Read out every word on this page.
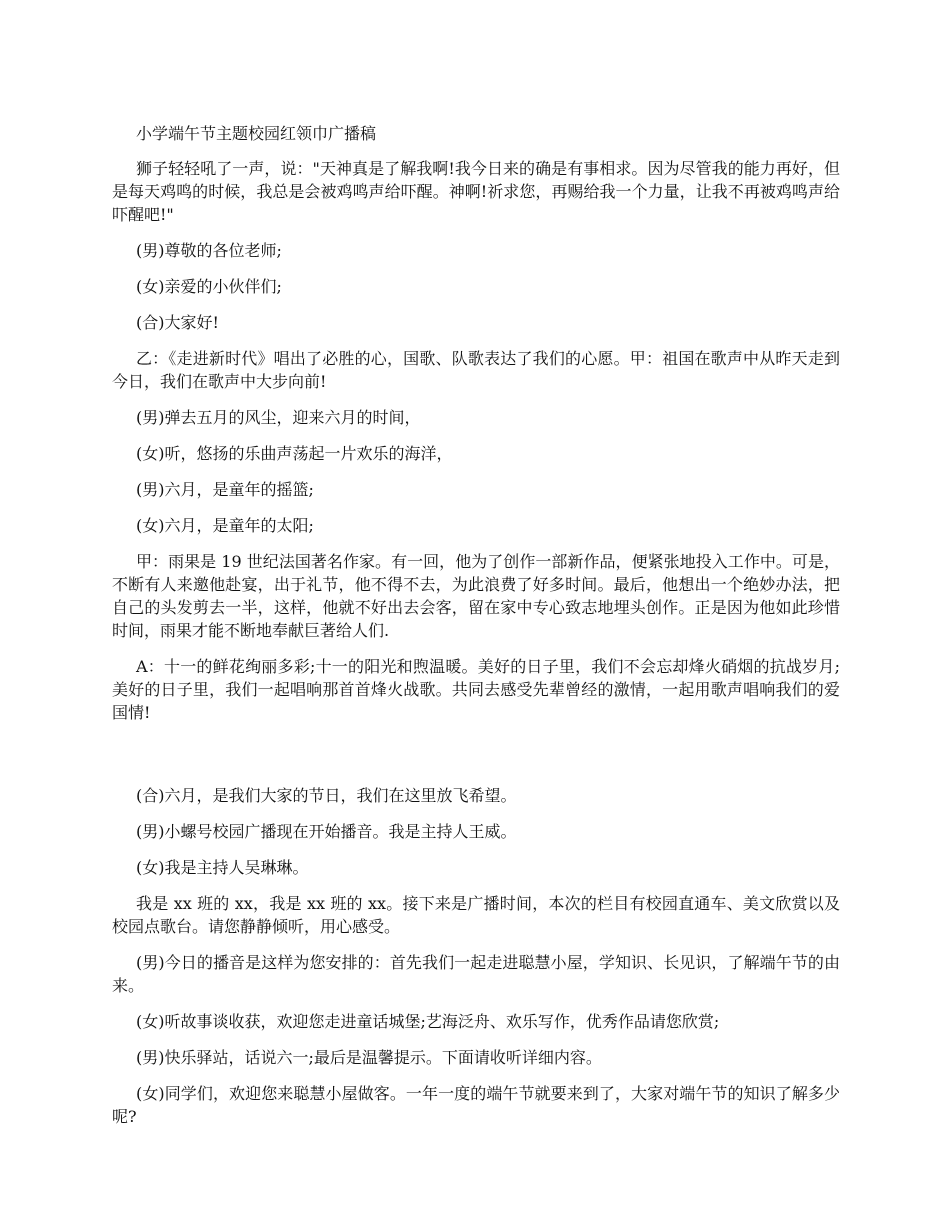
小学端午节主题校园红领巾广播稿

狮子轻轻吼了一声，说："天神真是了解我啊!我今日来的确是有事相求。因为尽管我的能力再好，但是每天鸡鸣的时候，我总是会被鸡鸣声给吓醒。神啊!祈求您，再赐给我一个力量，让我不再被鸡鸣声给吓醒吧!"

(男)尊敬的各位老师;

(女)亲爱的小伙伴们;

(合)大家好!

乙：《走进新时代》唱出了必胜的心，国歌、队歌表达了我们的心愿。甲：祖国在歌声中从昨天走到今日，我们在歌声中大步向前!

(男)弹去五月的风尘，迎来六月的时间，

(女)听，悠扬的乐曲声荡起一片欢乐的海洋，

(男)六月，是童年的摇篮;

(女)六月，是童年的太阳;

甲：雨果是 19 世纪法国著名作家。有一回，他为了创作一部新作品，便紧张地投入工作中。可是，不断有人来邀他赴宴，出于礼节，他不得不去，为此浪费了好多时间。最后，他想出一个绝妙办法，把自己的头发剪去一半，这样，他就不好出去会客，留在家中专心致志地埋头创作。正是因为他如此珍惜时间，雨果才能不断地奉献巨著给人们.

A：十一的鲜花绚丽多彩;十一的阳光和煦温暖。美好的日子里，我们不会忘却烽火硝烟的抗战岁月;美好的日子里，我们一起唱响那首首烽火战歌。共同去感受先辈曾经的激情，一起用歌声唱响我们的爱国情!

(合)六月，是我们大家的节日，我们在这里放飞希望。

(男)小螺号校园广播现在开始播音。我是主持人王威。

(女)我是主持人吴琳琳。

我是 xx 班的 xx，我是 xx 班的 xx。接下来是广播时间，本次的栏目有校园直通车、美文欣赏以及校园点歌台。请您静静倾听，用心感受。

(男)今日的播音是这样为您安排的：首先我们一起走进聪慧小屋，学知识、长见识，了解端午节的由来。

(女)听故事谈收获，欢迎您走进童话城堡;艺海泛舟、欢乐写作，优秀作品请您欣赏;

(男)快乐驿站，话说六一;最后是温馨提示。下面请收听详细内容。

(女)同学们，欢迎您来聪慧小屋做客。一年一度的端午节就要来到了，大家对端午节的知识了解多少呢?
